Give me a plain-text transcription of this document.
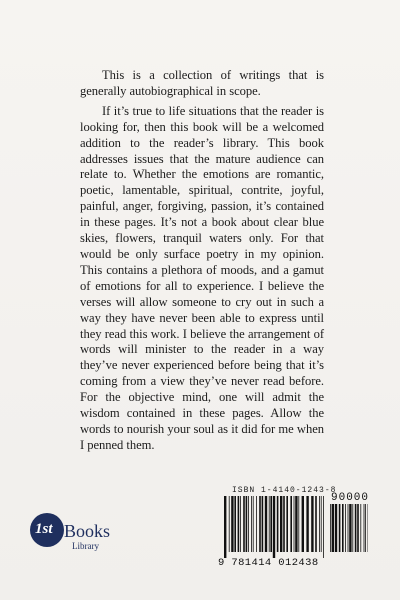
This is a collection of writings that is generally autobiographical in scope.

If it’s true to life situations that the reader is looking for, then this book will be a welcomed addition to the reader’s library. This book addresses issues that the mature audience can relate to. Whether the emotions are romantic, poetic, lamentable, spiritual, contrite, joyful, painful, anger, forgiving, passion, it’s contained in these pages. It’s not a book about clear blue skies, flowers, tranquil waters only. For that would be only surface poetry in my opinion. This contains a plethora of moods, and a gamut of emotions for all to experience. I believe the verses will allow someone to cry out in such a way they have never been able to express until they read this work. I believe the arrangement of words will minister to the reader in a way they’ve never experienced before being that it’s coming from a view they’ve never read before. For the objective mind, one will admit the wisdom contained in these pages. Allow the words to nourish your soul as it did for me when I penned them.

ISBN 1-4140-1243-8
90000
9 781414 012438
1st Books
Library
